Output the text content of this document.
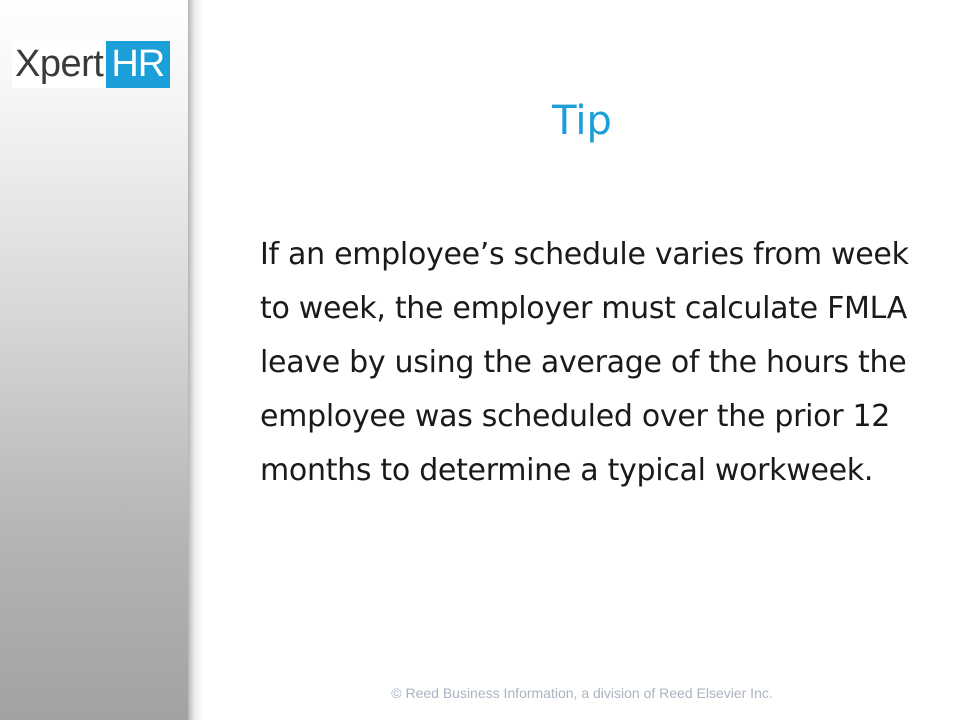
Xpert HR
Tip

If an employee’s schedule varies from week to week, the employer must calculate FMLA leave by using the average of the hours the employee was scheduled over the prior 12 months to determine a typical workweek.

© Reed Business Information, a division of Reed Elsevier Inc.
